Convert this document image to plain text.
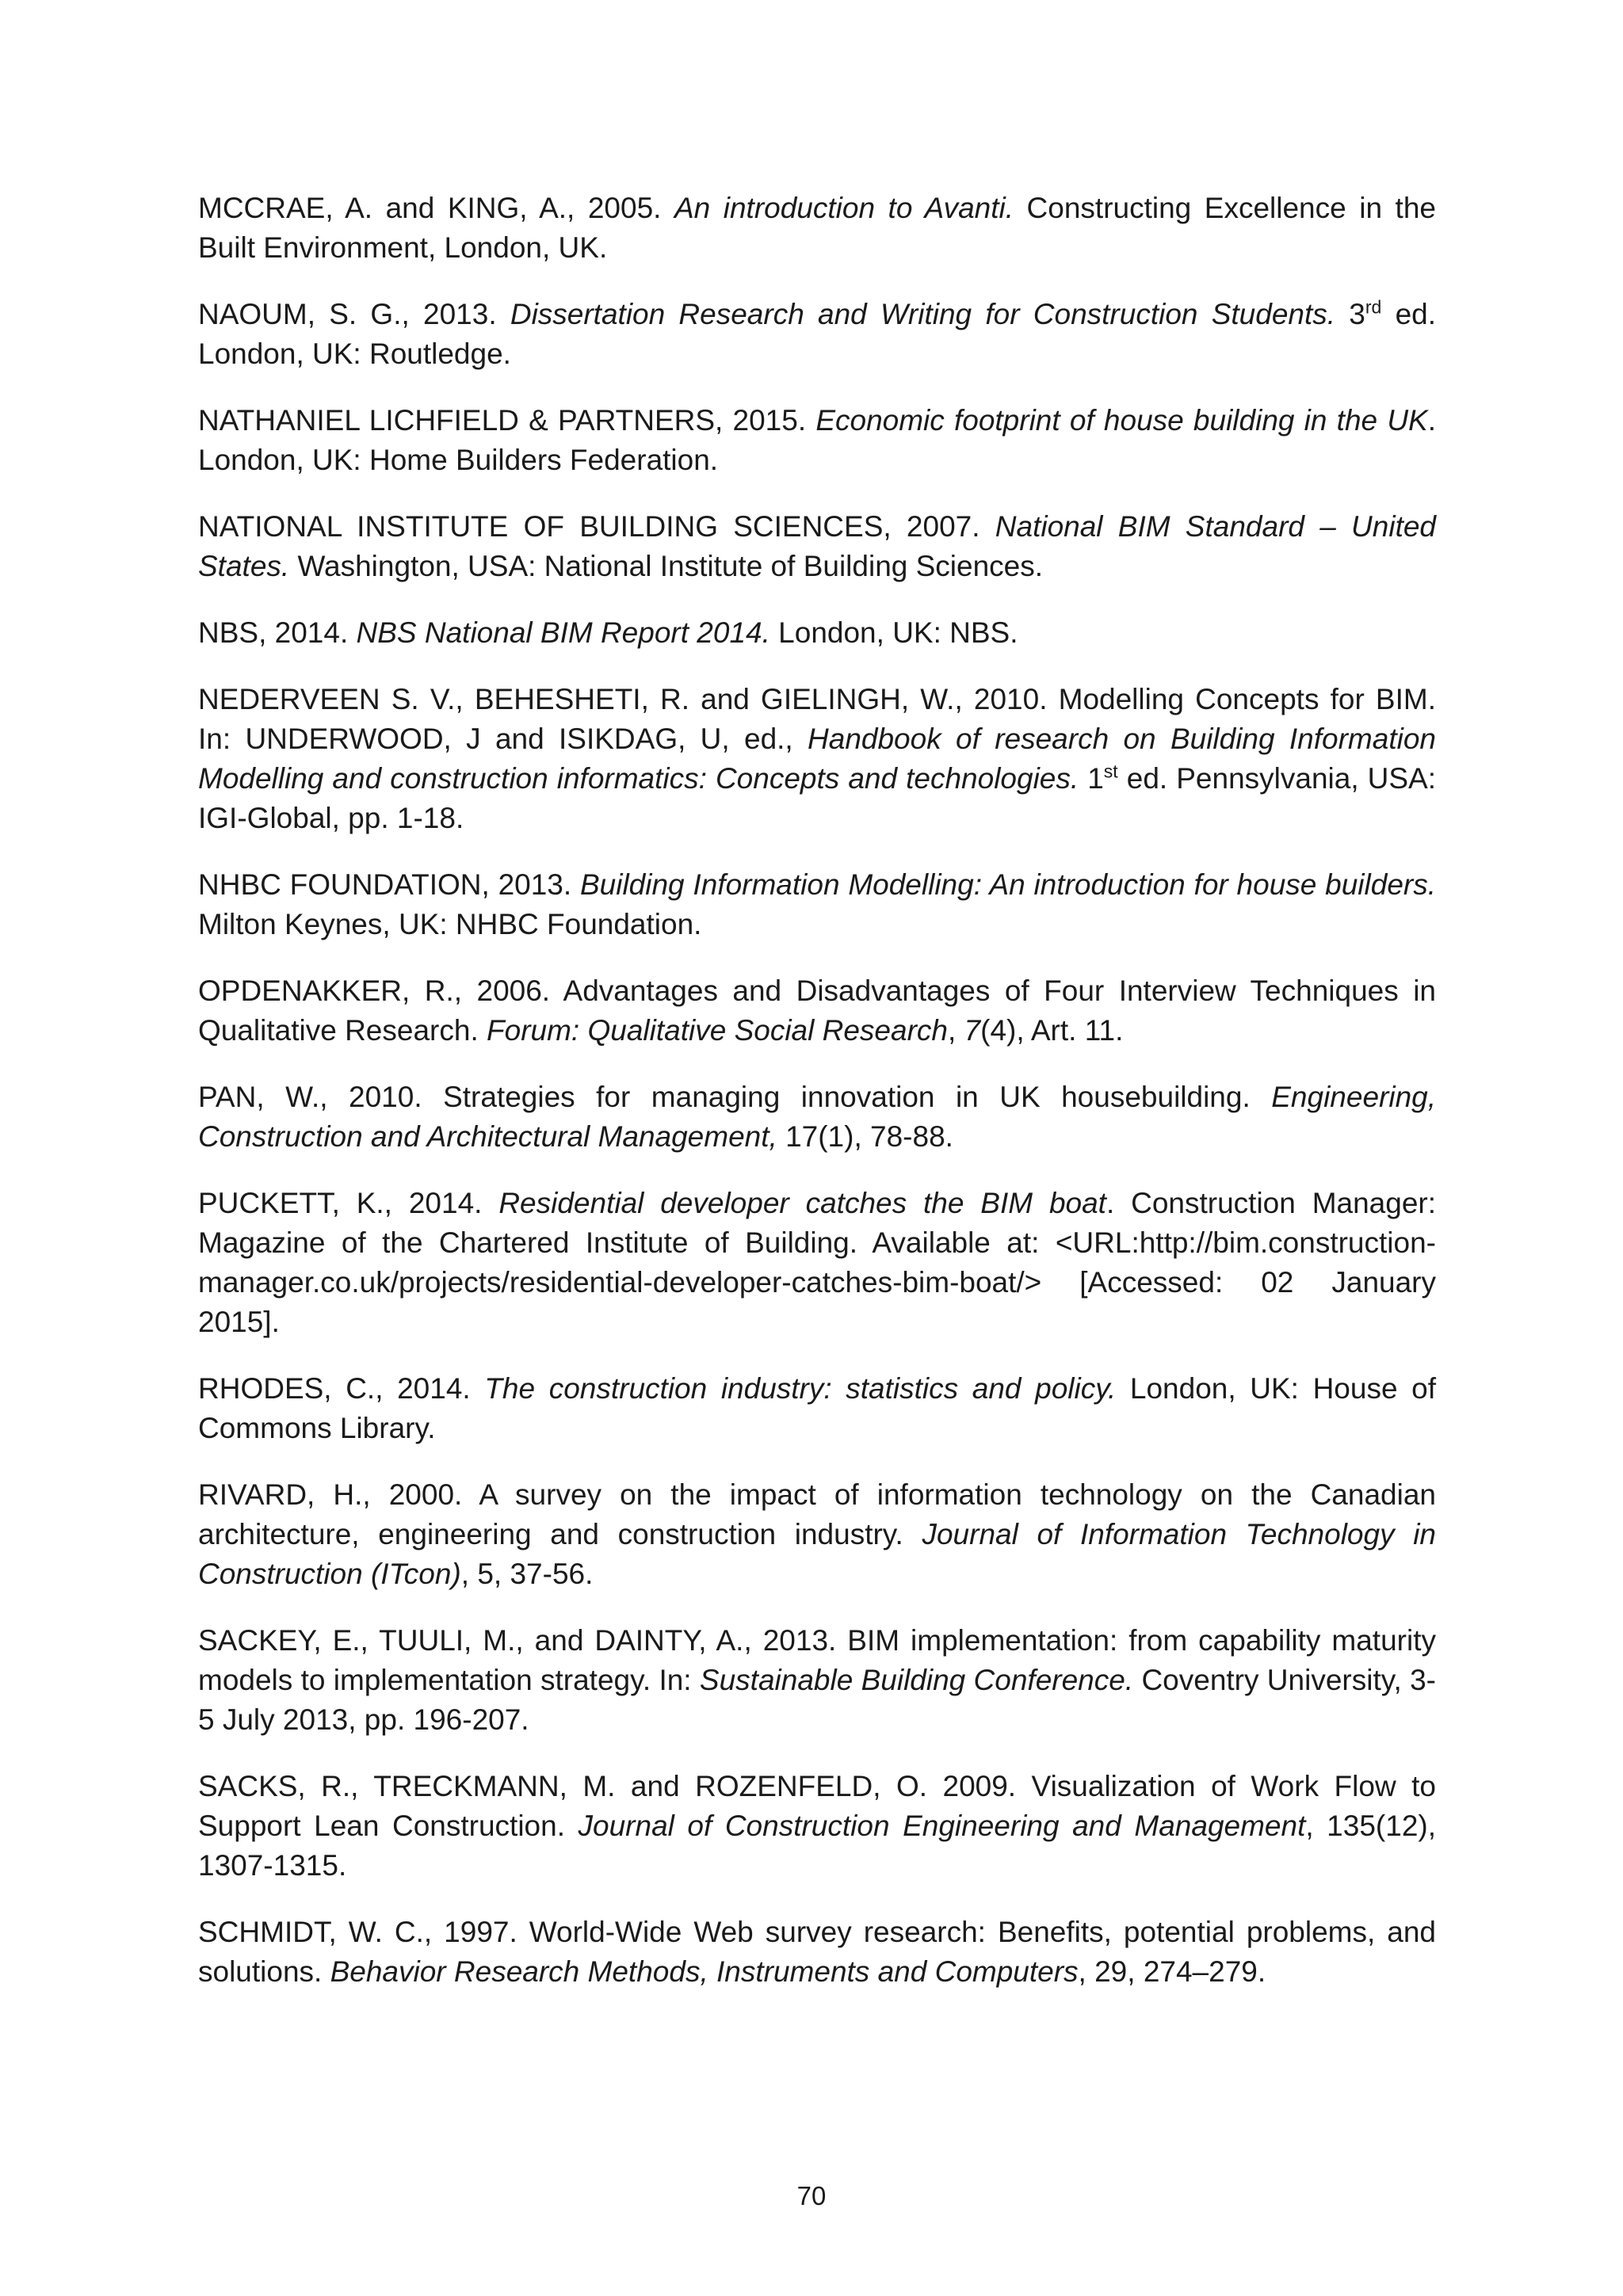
MCCRAE, A. and KING, A., 2005. An introduction to Avanti. Constructing Excellence in the Built Environment, London, UK.

NAOUM, S. G., 2013. Dissertation Research and Writing for Construction Students. 3rd ed. London, UK: Routledge.

NATHANIEL LICHFIELD & PARTNERS, 2015. Economic footprint of house building in the UK. London, UK: Home Builders Federation.

NATIONAL INSTITUTE OF BUILDING SCIENCES, 2007. National BIM Standard – United States. Washington, USA: National Institute of Building Sciences.

NBS, 2014. NBS National BIM Report 2014. London, UK: NBS.

NEDERVEEN S. V., BEHESHETI, R. and GIELINGH, W., 2010. Modelling Concepts for BIM. In: UNDERWOOD, J and ISIKDAG, U, ed., Handbook of research on Building Information Modelling and construction informatics: Concepts and technologies. 1st ed. Pennsylvania, USA: IGI-Global, pp. 1-18.

NHBC FOUNDATION, 2013. Building Information Modelling: An introduction for house builders. Milton Keynes, UK: NHBC Foundation.

OPDENAKKER, R., 2006. Advantages and Disadvantages of Four Interview Techniques in Qualitative Research. Forum: Qualitative Social Research, 7(4), Art. 11.

PAN, W., 2010. Strategies for managing innovation in UK housebuilding. Engineering, Construction and Architectural Management, 17(1), 78-88.

PUCKETT, K., 2014. Residential developer catches the BIM boat. Construction Manager: Magazine of the Chartered Institute of Building. Available at: <URL:http://bim.construction-manager.co.uk/projects/residential-developer-catches-bim-boat/> [Accessed: 02 January 2015].

RHODES, C., 2014. The construction industry: statistics and policy. London, UK: House of Commons Library.

RIVARD, H., 2000. A survey on the impact of information technology on the Canadian architecture, engineering and construction industry. Journal of Information Technology in Construction (ITcon), 5, 37-56.

SACKEY, E., TUULI, M., and DAINTY, A., 2013. BIM implementation: from capability maturity models to implementation strategy. In: Sustainable Building Conference. Coventry University, 3-5 July 2013, pp. 196-207.

SACKS, R., TRECKMANN, M. and ROZENFELD, O. 2009. Visualization of Work Flow to Support Lean Construction. Journal of Construction Engineering and Management, 135(12), 1307-1315.

SCHMIDT, W. C., 1997. World-Wide Web survey research: Benefits, potential problems, and solutions. Behavior Research Methods, Instruments and Computers, 29, 274–279.

70
